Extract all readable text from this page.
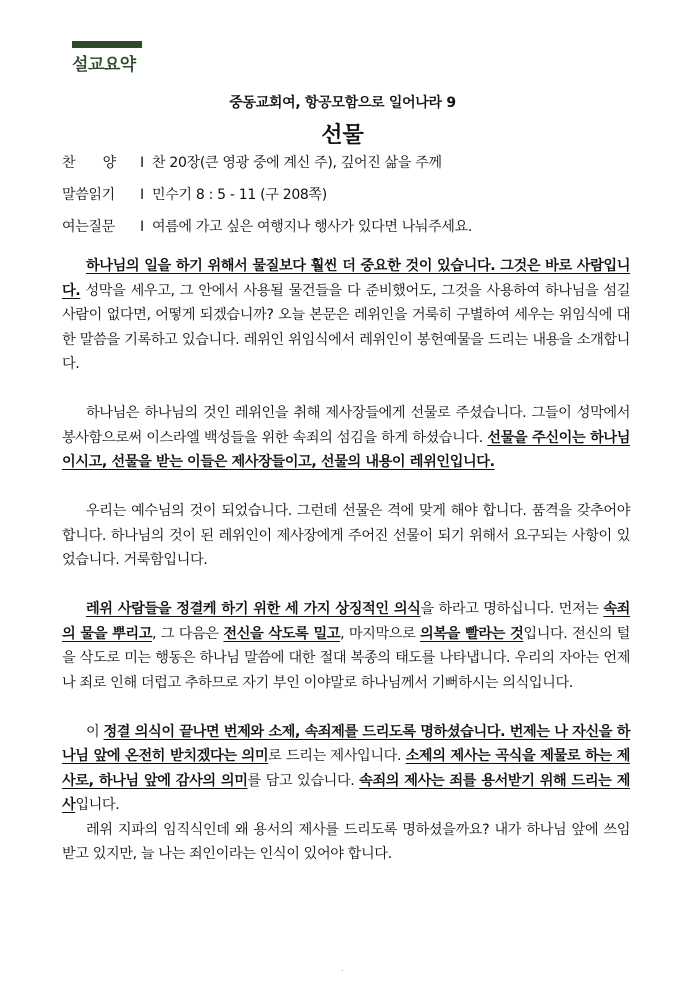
설교요약
중동교회여, 항공모함으로 일어나라 9
선물
찬　　양 I 찬 20장(큰 영광 중에 계신 주), 깊어진 삶을 주께
말씀읽기 I 민수기 8 : 5 - 11 (구 208쪽)
여는질문 I 여름에 가고 싶은 여행지나 행사가 있다면 나눠주세요.

하나님의 일을 하기 위해서 물질보다 훨씬 더 중요한 것이 있습니다. 그것은 바로 사람입니다. 성막을 세우고, 그 안에서 사용될 물건들을 다 준비했어도, 그것을 사용하여 하나님을 섬길 사람이 없다면, 어떻게 되겠습니까? 오늘 본문은 레위인을 거룩히 구별하여 세우는 위임식에 대한 말씀을 기록하고 있습니다. 레위인 위임식에서 레위인이 봉헌예물을 드리는 내용을 소개합니다.

하나님은 하나님의 것인 레위인을 취해 제사장들에게 선물로 주셨습니다. 그들이 성막에서 봉사함으로써 이스라엘 백성들을 위한 속죄의 섬김을 하게 하셨습니다. 선물을 주신이는 하나님이시고, 선물을 받는 이들은 제사장들이고, 선물의 내용이 레위인입니다.

우리는 예수님의 것이 되었습니다. 그런데 선물은 격에 맞게 해야 합니다. 품격을 갖추어야 합니다. 하나님의 것이 된 레위인이 제사장에게 주어진 선물이 되기 위해서 요구되는 사항이 있었습니다. 거룩함입니다.

레위 사람들을 정결케 하기 위한 세 가지 상징적인 의식을 하라고 명하십니다. 먼저는 속죄의 물을 뿌리고, 그 다음은 전신을 삭도록 밀고, 마지막으로 의복을 빨라는 것입니다. 전신의 털을 삭도로 미는 행동은 하나님 말씀에 대한 절대 복종의 태도를 나타냅니다. 우리의 자아는 언제나 죄로 인해 더럽고 추하므로 자기 부인 이야말로 하나님께서 기뻐하시는 의식입니다.

이 정결 의식이 끝나면 번제와 소제, 속죄제를 드리도록 명하셨습니다. 번제는 나 자신을 하나님 앞에 온전히 받치겠다는 의미로 드리는 제사입니다. 소제의 제사는 곡식을 제물로 하는 제사로, 하나님 앞에 감사의 의미를 담고 있습니다. 속죄의 제사는 죄를 용서받기 위해 드리는 제사입니다.

레위 지파의 임직식인데 왜 용서의 제사를 드리도록 명하셨을까요? 내가 하나님 앞에 쓰임 받고 있지만, 늘 나는 죄인이라는 인식이 있어야 합니다.

.
